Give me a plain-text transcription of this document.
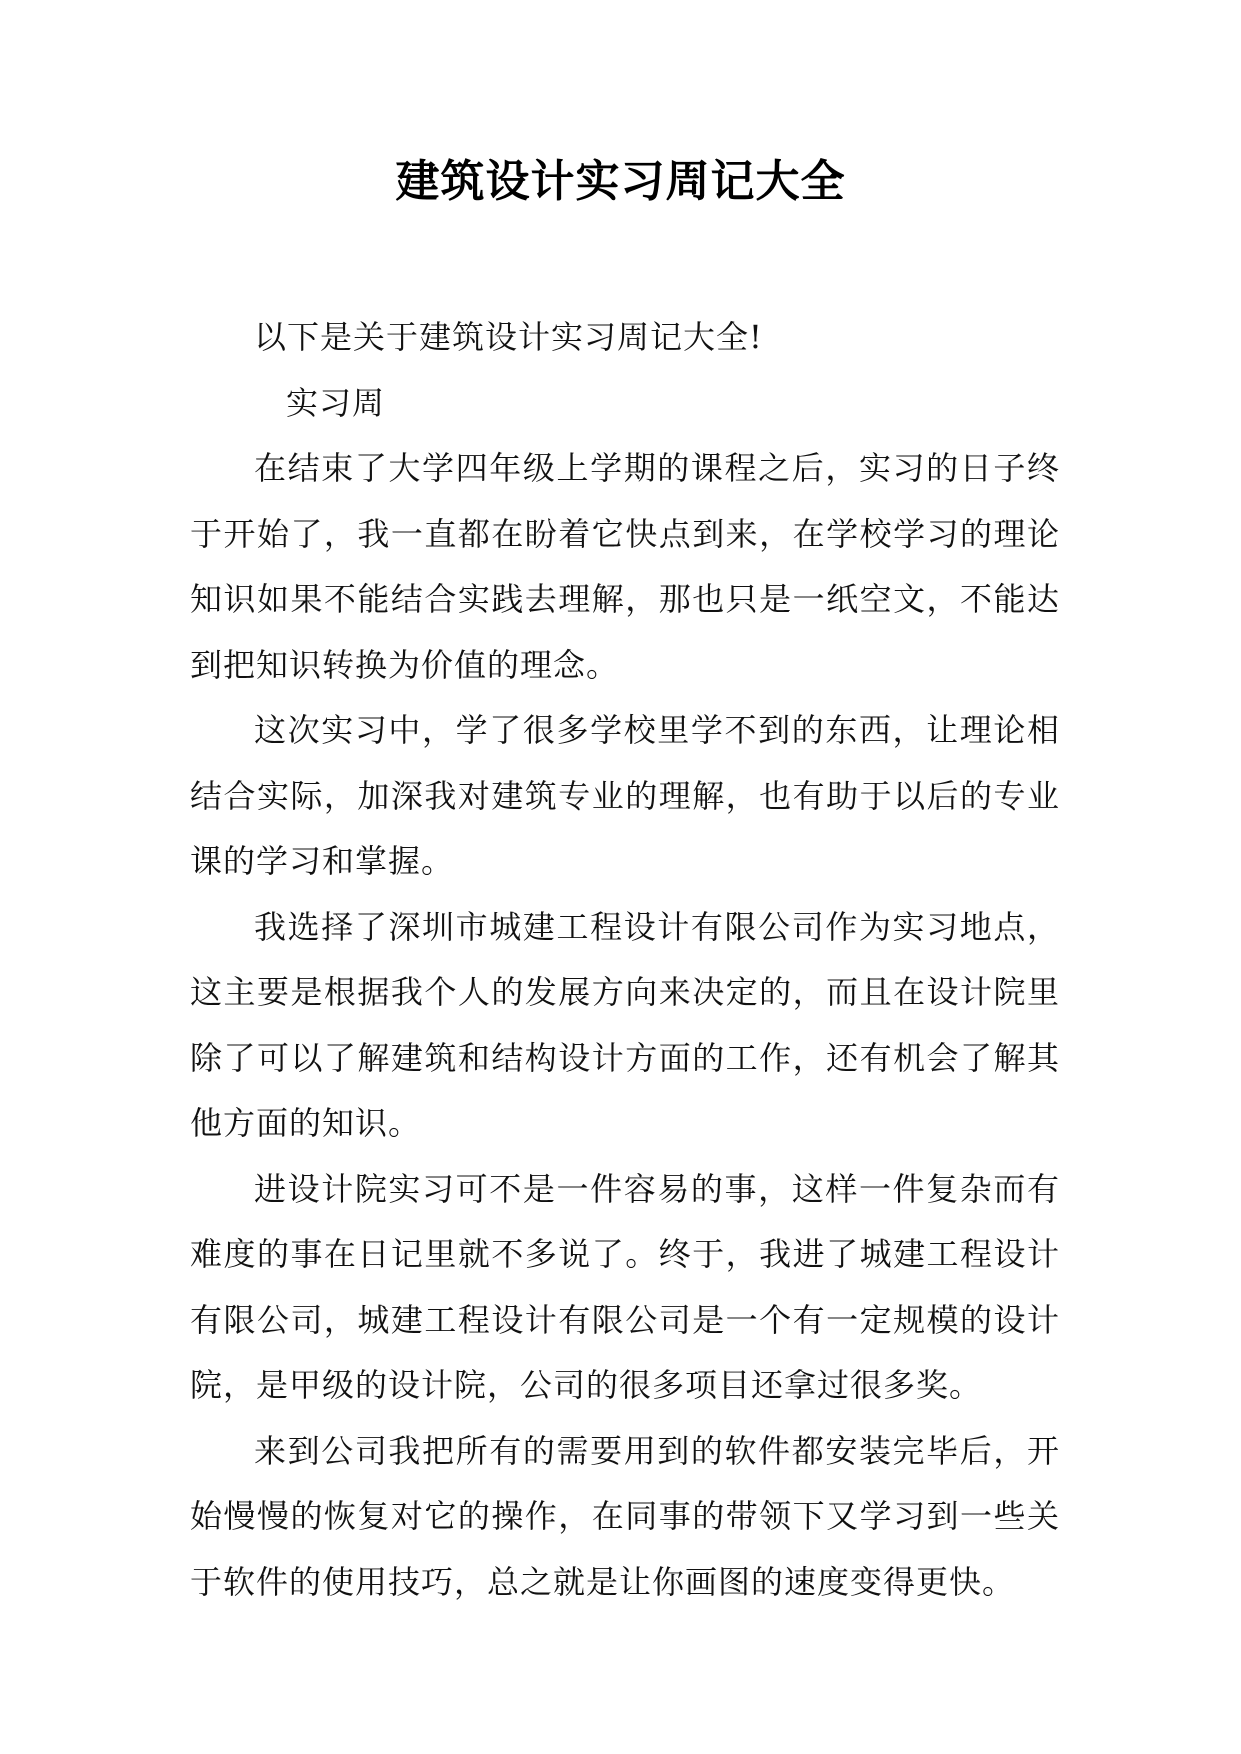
建筑设计实习周记大全

以下是关于建筑设计实习周记大全!

实习周

在结束了大学四年级上学期的课程之后，实习的日子终于开始了，我一直都在盼着它快点到来，在学校学习的理论知识如果不能结合实践去理解，那也只是一纸空文，不能达到把知识转换为价值的理念。

这次实习中，学了很多学校里学不到的东西，让理论相结合实际，加深我对建筑专业的理解，也有助于以后的专业课的学习和掌握。

我选择了深圳市城建工程设计有限公司作为实习地点，这主要是根据我个人的发展方向来决定的，而且在设计院里除了可以了解建筑和结构设计方面的工作，还有机会了解其他方面的知识。

进设计院实习可不是一件容易的事，这样一件复杂而有难度的事在日记里就不多说了。终于，我进了城建工程设计有限公司，城建工程设计有限公司是一个有一定规模的设计院，是甲级的设计院，公司的很多项目还拿过很多奖。

来到公司我把所有的需要用到的软件都安装完毕后，开始慢慢的恢复对它的操作，在同事的带领下又学习到一些关于软件的使用技巧，总之就是让你画图的速度变得更快。
